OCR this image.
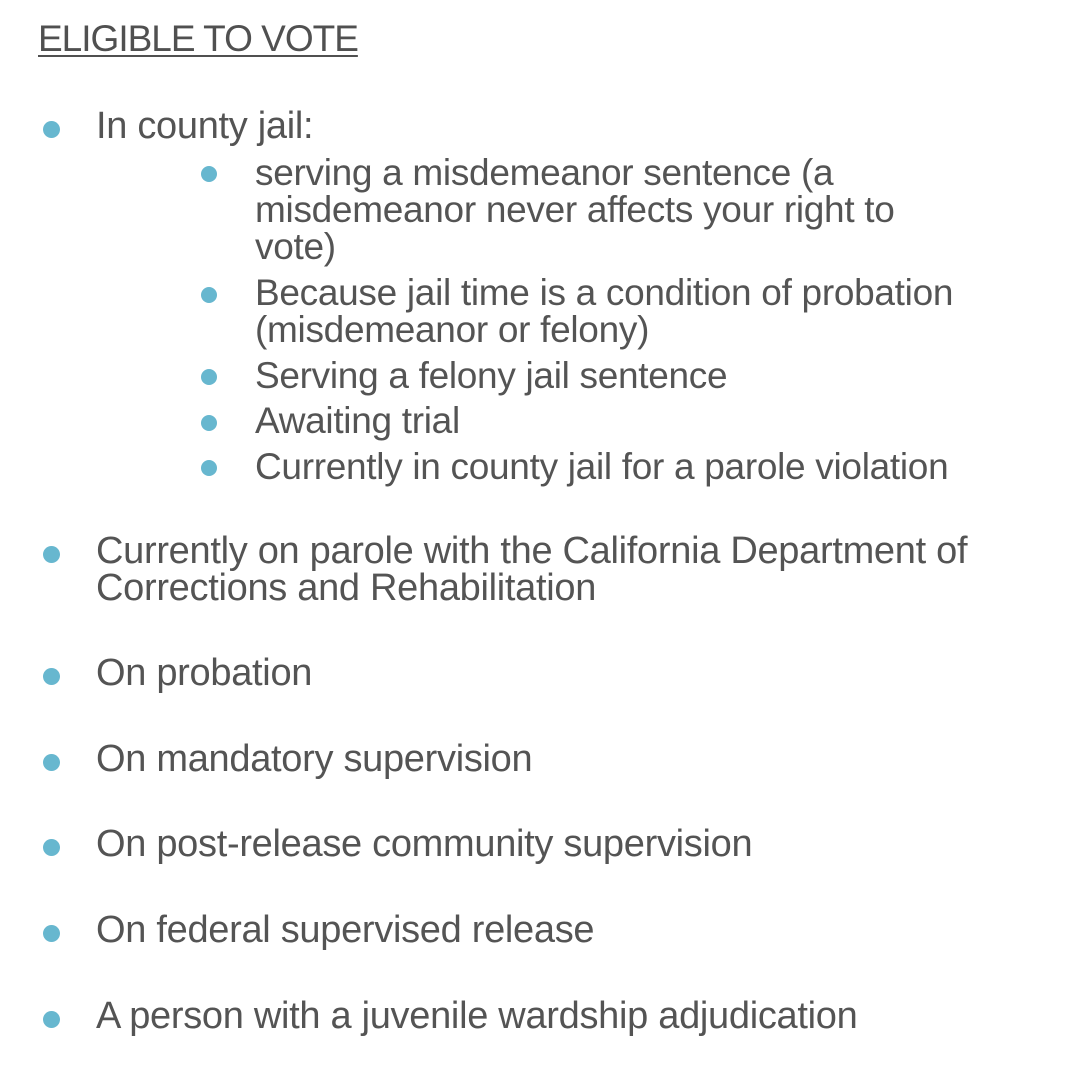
ELIGIBLE TO VOTE
In county jail:
serving a misdemeanor sentence (a
misdemeanor never affects your right to
vote)
Because jail time is a condition of probation
(misdemeanor or felony)
Serving a felony jail sentence
Awaiting trial
Currently in county jail for a parole violation
Currently on parole with the California Department of
Corrections and Rehabilitation
On probation
On mandatory supervision
On post-release community supervision
On federal supervised release
A person with a juvenile wardship adjudication
